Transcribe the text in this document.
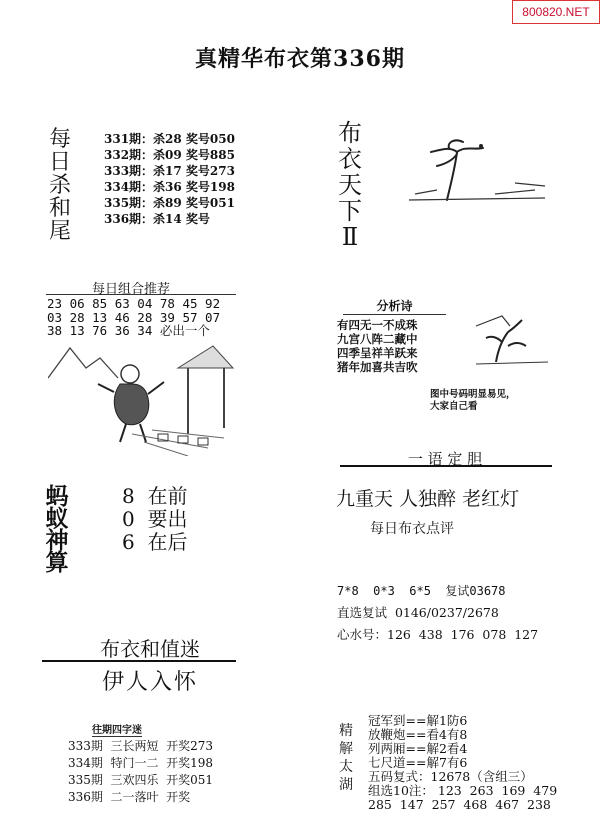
800820.NET
真精华布衣第336期
每
日
杀
和
尾
331期：杀28 奖号050
332期：杀09 奖号885
333期：杀17 奖号273
334期：杀36 奖号198
335期：杀89 奖号051
336期：杀14 奖号
布
衣
天
下
Ⅱ
每日组合推荐
23 06 85 63 04 78 45 92
03 28 13 46 28 39 57 07
38 13 76 36 34 必出一个
分析诗
有四无一不成珠
九宫八阵二藏中
四季呈祥羊跃来
猪年加喜共吉吹
图中号码明显易见，
大家自己看
一 语 定 胆
九重天 人独醉 老红灯
每日布衣点评
蚂
蚁
神
算
8  在前
0  要出
6  在后
7*8  0*3  6*5  复试03678
直选复试  0146/0237/2678
心水号：126  438  176  078  127
布衣和值迷
伊人入怀
往期四字迷
333期  三长两短  开奖273
334期  特门一二  开奖198
335期  三欢四乐  开奖051
336期  二一落叶  开奖
精
解
太
湖
冠军到==解1防6
放鞭炮==看4有8
列两厢==解2看4
七尺道==解7有6
五码复式：12678（含组三）
组选10注： 123  263  169  479
285  147  257  468  467  238
